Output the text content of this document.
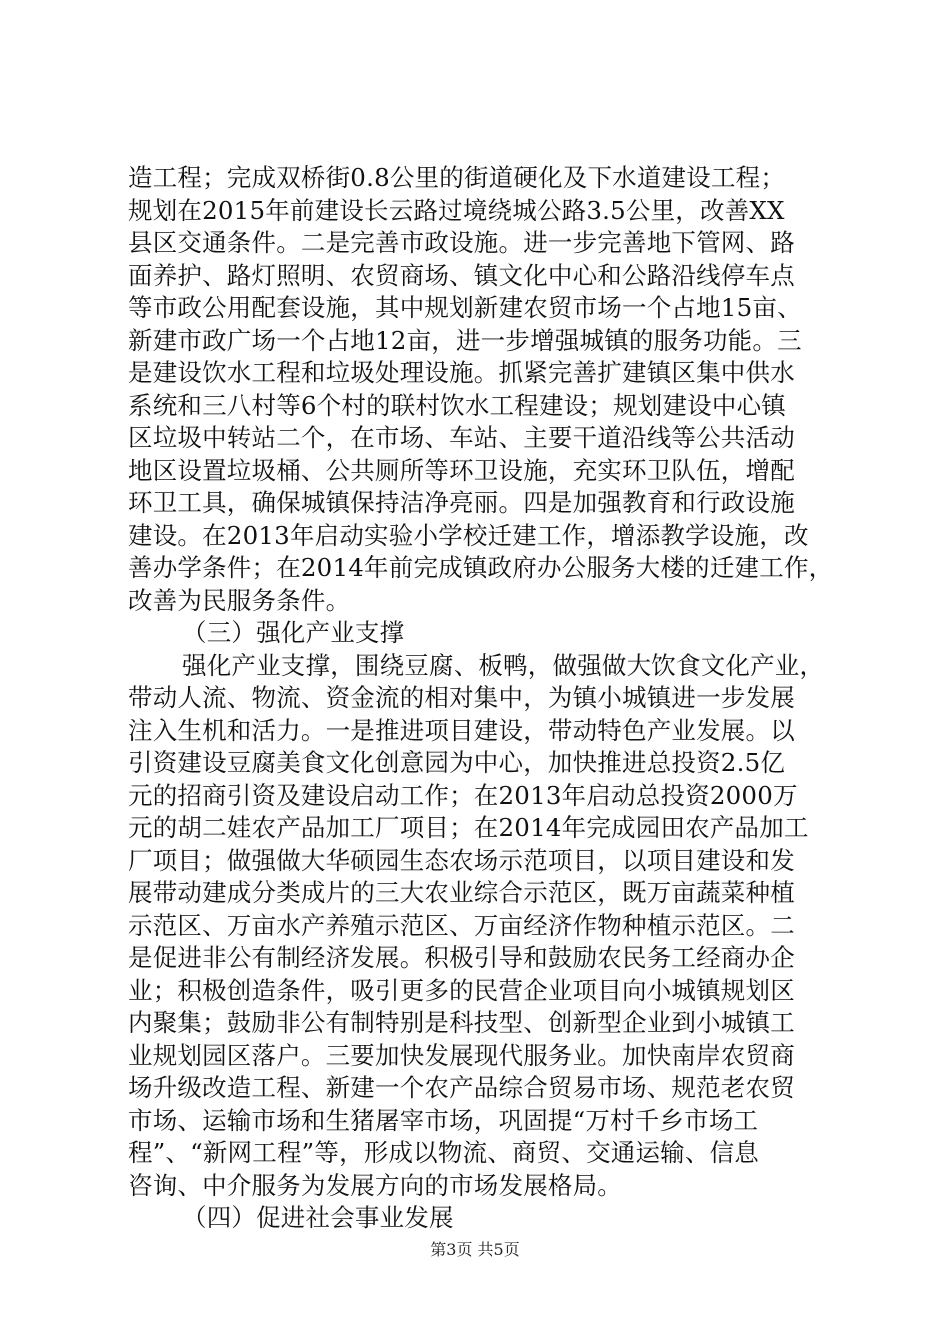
造工程；完成双桥街0.8公里的街道硬化及下水道建设工程；
规划在2015年前建设长云路过境绕城公路3.5公里，改善XX
县区交通条件。二是完善市政设施。进一步完善地下管网、路
面养护、路灯照明、农贸商场、镇文化中心和公路沿线停车点
等市政公用配套设施，其中规划新建农贸市场一个占地15亩、
新建市政广场一个占地12亩，进一步增强城镇的服务功能。三
是建设饮水工程和垃圾处理设施。抓紧完善扩建镇区集中供水
系统和三八村等6个村的联村饮水工程建设；规划建设中心镇
区垃圾中转站二个，在市场、车站、主要干道沿线等公共活动
地区设置垃圾桶、公共厕所等环卫设施，充实环卫队伍，增配
环卫工具，确保城镇保持洁净亮丽。四是加强教育和行政设施
建设。在2013年启动实验小学校迁建工作，增添教学设施，改
善办学条件；在2014年前完成镇政府办公服务大楼的迁建工作，
改善为民服务条件。
（三）强化产业支撑
强化产业支撑，围绕豆腐、板鸭，做强做大饮食文化产业，
带动人流、物流、资金流的相对集中，为镇小城镇进一步发展
注入生机和活力。一是推进项目建设，带动特色产业发展。以
引资建设豆腐美食文化创意园为中心，加快推进总投资2.5亿
元的招商引资及建设启动工作；在2013年启动总投资2000万
元的胡二娃农产品加工厂项目；在2014年完成园田农产品加工
厂项目；做强做大华硕园生态农场示范项目，以项目建设和发
展带动建成分类成片的三大农业综合示范区，既万亩蔬菜种植
示范区、万亩水产养殖示范区、万亩经济作物种植示范区。二
是促进非公有制经济发展。积极引导和鼓励农民务工经商办企
业；积极创造条件，吸引更多的民营企业项目向小城镇规划区
内聚集；鼓励非公有制特别是科技型、创新型企业到小城镇工
业规划园区落户。三要加快发展现代服务业。加快南岸农贸商
场升级改造工程、新建一个农产品综合贸易市场、规范老农贸
市场、运输市场和生猪屠宰市场，巩固提“万村千乡市场工
程”、“新网工程”等，形成以物流、商贸、交通运输、信息
咨询、中介服务为发展方向的市场发展格局。
（四）促进社会事业发展
第3页 共5页
